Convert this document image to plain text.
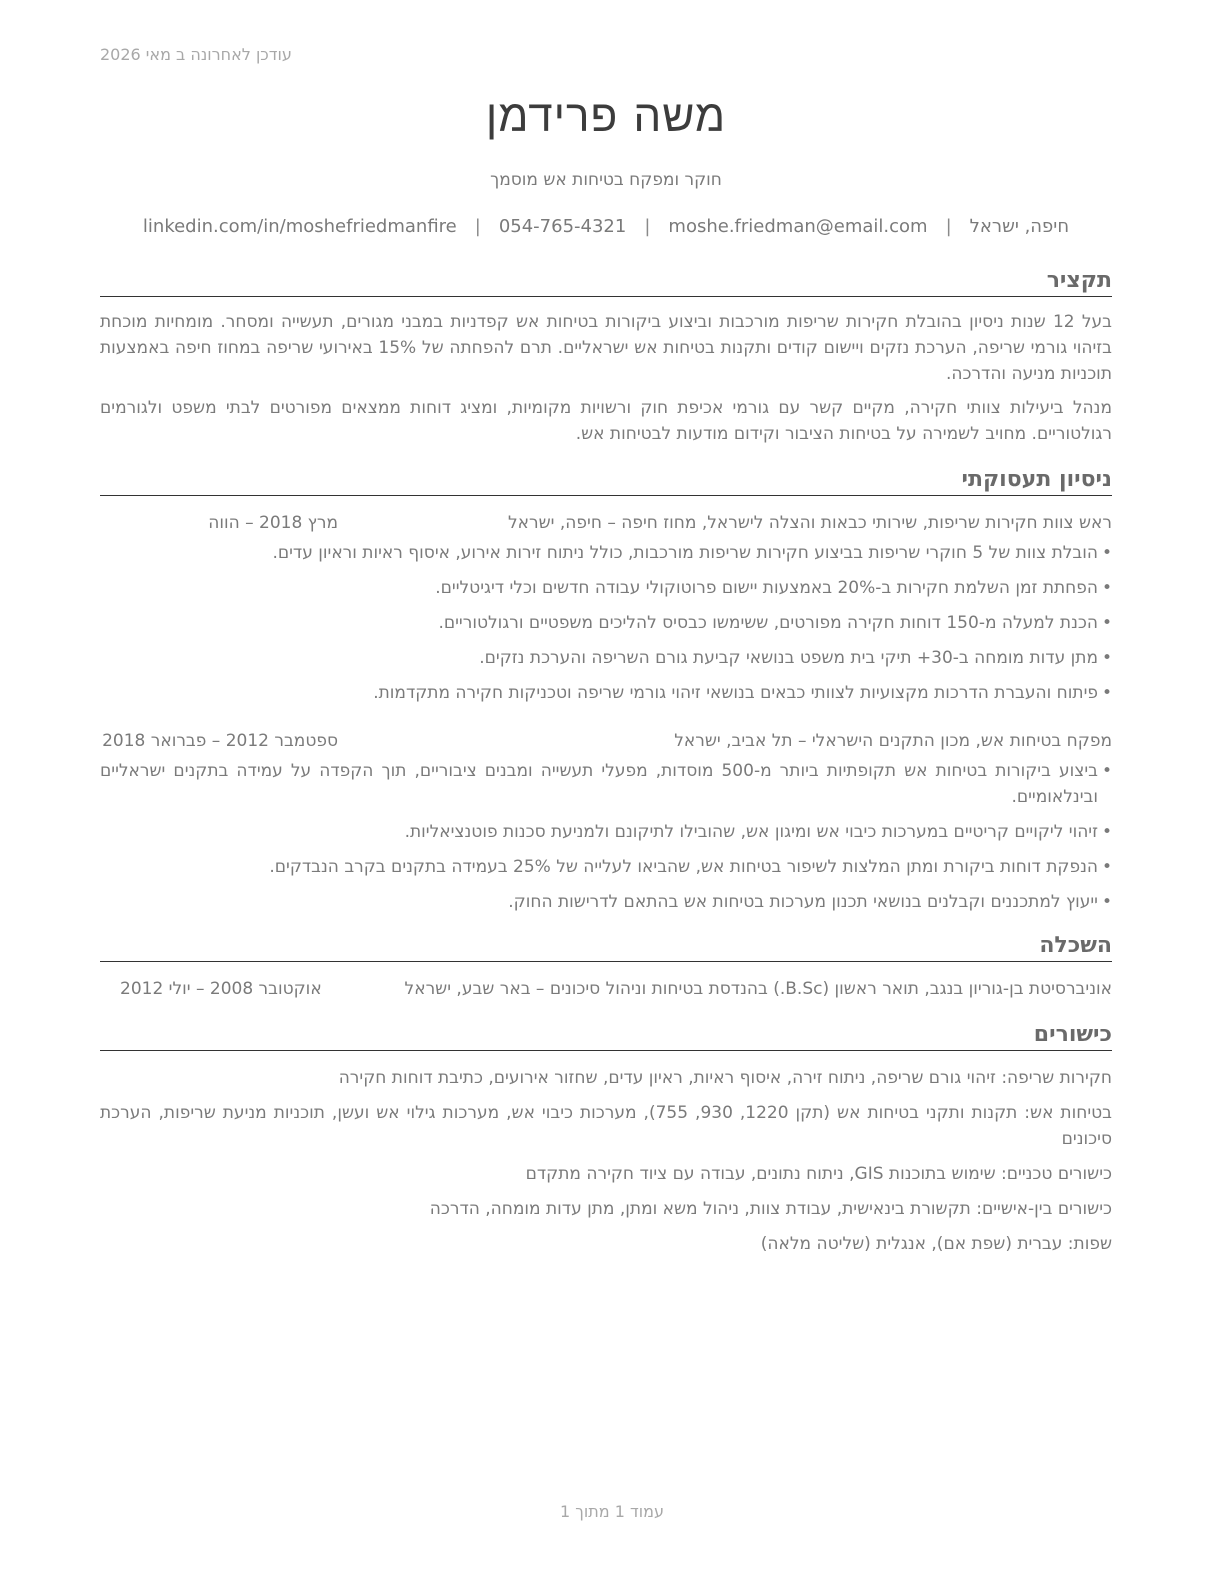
עודכן לאחרונה ב מאי 2026
משה פרידמן
חוקר ומפקח בטיחות אש מוסמך
חיפה, ישראל
|
moshe.friedman@email.com
|
054-765-4321
|
linkedin.com/in/moshefriedmanfire
תקציר

בעל 12 שנות ניסיון בהובלת חקירות שריפות מורכבות וביצוע ביקורות בטיחות אש קפדניות במבני מגורים, תעשייה ומסחר. מומחיות מוכחת בזיהוי גורמי שריפה, הערכת נזקים ויישום קודים ותקנות בטיחות אש ישראליים. תרם להפחתה של 15% באירועי שריפה במחוז חיפה באמצעות תוכניות מניעה והדרכה.

מנהל ביעילות צוותי חקירה, מקיים קשר עם גורמי אכיפת חוק ורשויות מקומיות, ומציג דוחות ממצאים מפורטים לבתי משפט ולגורמים רגולטוריים. מחויב לשמירה על בטיחות הציבור וקידום מודעות לבטיחות אש.

ניסיון תעסוקתי
ראש צוות חקירות שריפות, שירותי כבאות והצלה לישראל, מחוז חיפה – חיפה, ישראל
מרץ 2018 – הווה
• הובלת צוות של 5 חוקרי שריפות בביצוע חקירות שריפות מורכבות, כולל ניתוח זירות אירוע, איסוף ראיות וראיון עדים.
• הפחתת זמן השלמת חקירות ב-20% באמצעות יישום פרוטוקולי עבודה חדשים וכלי דיגיטליים.
• הכנת למעלה מ-150 דוחות חקירה מפורטים, ששימשו כבסיס להליכים משפטיים ורגולטוריים.
• מתן עדות מומחה ב-30+ תיקי בית משפט בנושאי קביעת גורם השריפה והערכת נזקים.
• פיתוח והעברת הדרכות מקצועיות לצוותי כבאים בנושאי זיהוי גורמי שריפה וטכניקות חקירה מתקדמות.
מפקח בטיחות אש, מכון התקנים הישראלי – תל אביב, ישראל
ספטמבר 2012 – פברואר 2018
• ביצוע ביקורות בטיחות אש תקופתיות ביותר מ-500 מוסדות, מפעלי תעשייה ומבנים ציבוריים, תוך הקפדה על עמידה בתקנים ישראליים ובינלאומיים.
• זיהוי ליקויים קריטיים במערכות כיבוי אש ומיגון אש, שהובילו לתיקונם ולמניעת סכנות פוטנציאליות.
• הנפקת דוחות ביקורת ומתן המלצות לשיפור בטיחות אש, שהביאו לעלייה של 25% בעמידה בתקנים בקרב הנבדקים.
• ייעוץ למתכננים וקבלנים בנושאי תכנון מערכות בטיחות אש בהתאם לדרישות החוק.
השכלה
אוניברסיטת בן-גוריון בנגב, תואר ראשון (B.Sc.) בהנדסת בטיחות וניהול סיכונים – באר שבע, ישראל
אוקטובר 2008 – יולי 2012
כישורים
חקירות שריפה: זיהוי גורם שריפה, ניתוח זירה, איסוף ראיות, ראיון עדים, שחזור אירועים, כתיבת דוחות חקירה
בטיחות אש: תקנות ותקני בטיחות אש (תקן 1220, 930, 755), מערכות כיבוי אש, מערכות גילוי אש ועשן, תוכניות מניעת שריפות, הערכת סיכונים
כישורים טכניים: שימוש בתוכנות GIS, ניתוח נתונים, עבודה עם ציוד חקירה מתקדם
כישורים בין-אישיים: תקשורת בינאישית, עבודת צוות, ניהול משא ומתן, מתן עדות מומחה, הדרכה
שפות: עברית (שפת אם), אנגלית (שליטה מלאה)
עמוד 1 מתוך 1
